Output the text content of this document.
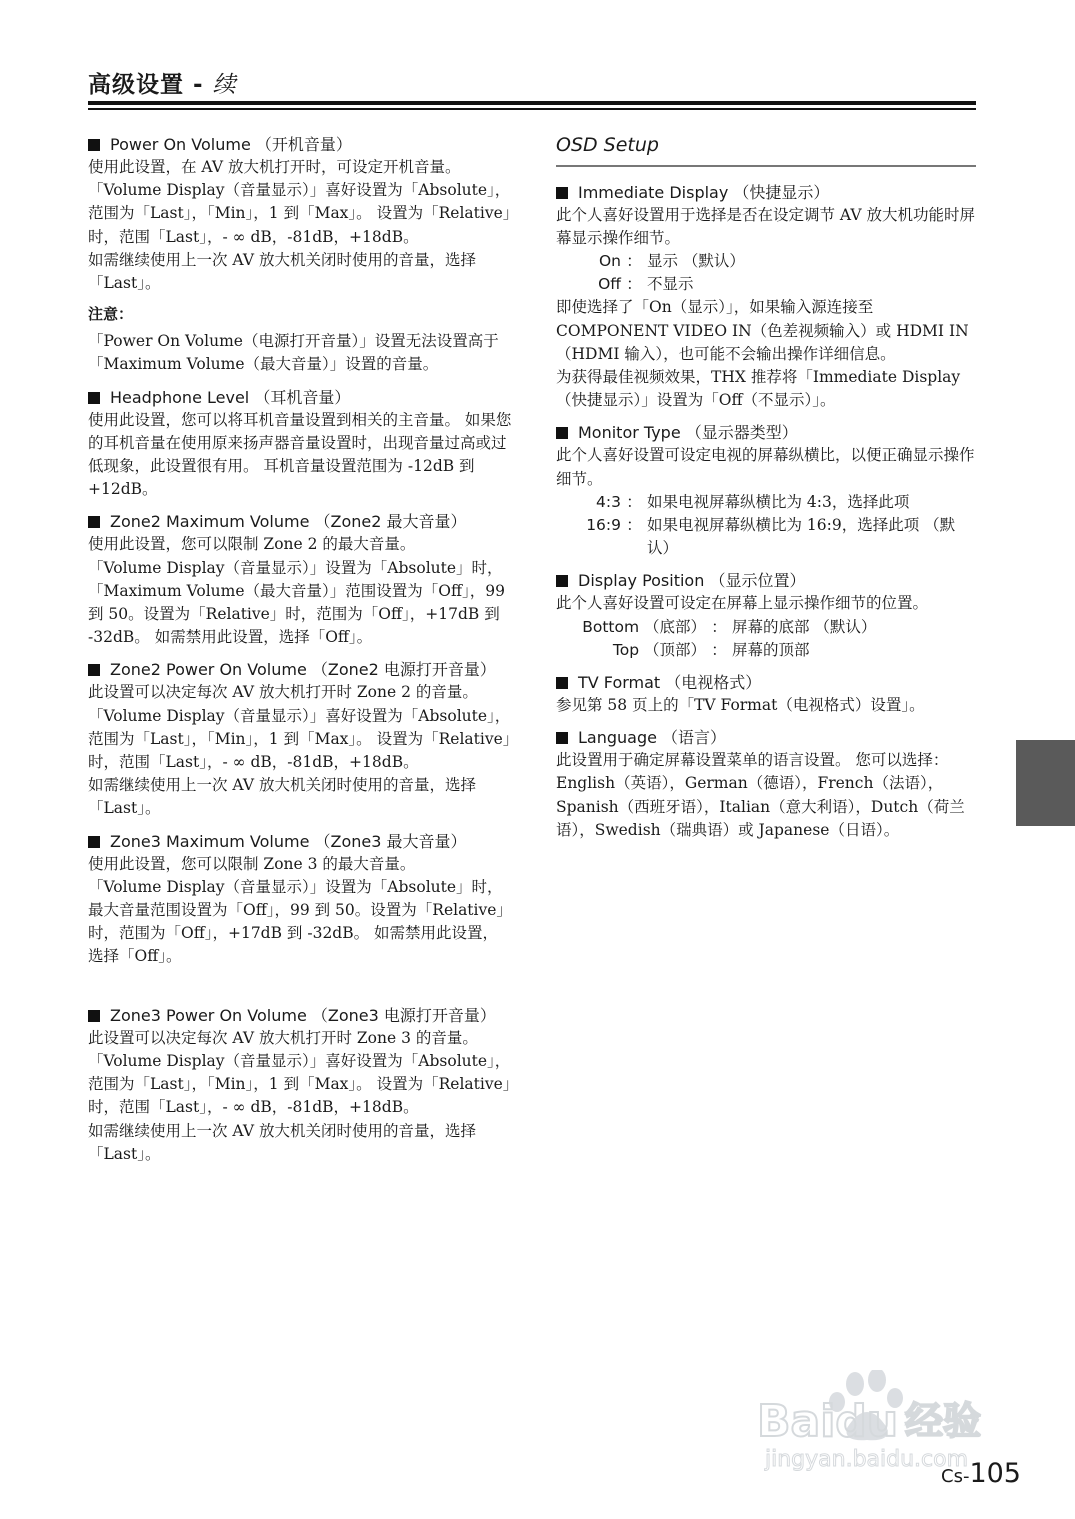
高级设置 - 续
Power On Volume （开机音量）

使用此设置，在 AV 放大机打开时，可设定开机音量。

「Volume Display（音量显示）」喜好设置为「Absolute」，范围为「Last」，「Min」，1 到「Max」。 设置为「Relative」时，范围「Last」，- ∞ dB，-81dB，+18dB。

如需继续使用上一次 AV 放大机关闭时使用的音量，选择「Last」。

注意：

「Power On Volume（电源打开音量）」设置无法设置高于「Maximum Volume（最大音量）」设置的音量。

Headphone Level （耳机音量）

使用此设置，您可以将耳机音量设置到相关的主音量。 如果您的耳机音量在使用原来扬声器音量设置时，出现音量过高或过低现象，此设置很有用。 耳机音量设置范围为 -12dB 到 +12dB。

Zone2 Maximum Volume （Zone2 最大音量）

使用此设置，您可以限制 Zone 2 的最大音量。

「Volume Display（音量显示）」设置为「Absolute」时，「Maximum Volume（最大音量）」范围设置为「Off」，99 到 50。设置为「Relative」时，范围为「Off」，+17dB 到 -32dB。 如需禁用此设置，选择「Off」。

Zone2 Power On Volume （Zone2 电源打开音量）

此设置可以决定每次 AV 放大机打开时 Zone 2 的音量。

「Volume Display（音量显示）」喜好设置为「Absolute」，范围为「Last」，「Min」，1 到「Max」。 设置为「Relative」时，范围「Last」，- ∞ dB，-81dB，+18dB。

如需继续使用上一次 AV 放大机关闭时使用的音量，选择「Last」。

Zone3 Maximum Volume （Zone3 最大音量）

使用此设置，您可以限制 Zone 3 的最大音量。

「Volume Display（音量显示）」设置为「Absolute」时，最大音量范围设置为「Off」，99 到 50。设置为「Relative」时，范围为「Off」，+17dB 到 -32dB。 如需禁用此设置，选择「Off」。

Zone3 Power On Volume （Zone3 电源打开音量）

此设置可以决定每次 AV 放大机打开时 Zone 3 的音量。

「Volume Display（音量显示）」喜好设置为「Absolute」，范围为「Last」，「Min」，1 到「Max」。 设置为「Relative」时，范围「Last」，- ∞ dB，-81dB，+18dB。

如需继续使用上一次 AV 放大机关闭时使用的音量，选择「Last」。

OSD Setup
Immediate Display （快捷显示）

此个人喜好设置用于选择是否在设定调节 AV 放大机功能时屏幕显示操作细节。

On ： 显示 （默认）
Off ： 不显示

即使选择了「On（显示）」，如果输入源连接至 COMPONENT VIDEO IN（色差视频输入）或 HDMI IN（HDMI 输入），也可能不会输出操作详细信息。

为获得最佳视频效果，THX 推荐将「Immediate Display（快捷显示）」设置为「Off（不显示）」。

Monitor Type （显示器类型）

此个人喜好设置可设定电视的屏幕纵横比，以便正确显示操作细节。

4:3 ： 如果电视屏幕纵横比为 4:3，选择此项
16:9 ： 如果电视屏幕纵横比为 16:9，选择此项 （默认）
Display Position （显示位置）

此个人喜好设置可设定在屏幕上显示操作细节的位置。

Bottom （底部） ： 屏幕的底部 （默认）
Top （顶部） ： 屏幕的顶部
TV Format （电视格式）

参见第 58 页上的「TV Format（电视格式）设置」。

Language （语言）

此设置用于确定屏幕设置菜单的语言设置。 您可以选择：English（英语），German（德语），French（法语），Spanish（西班牙语），Italian（意大利语），Dutch（荷兰语），Swedish（瑞典语）或 Japanese（日语）。

Baidu 经验
jingyan.baidu.com
Cs-105
